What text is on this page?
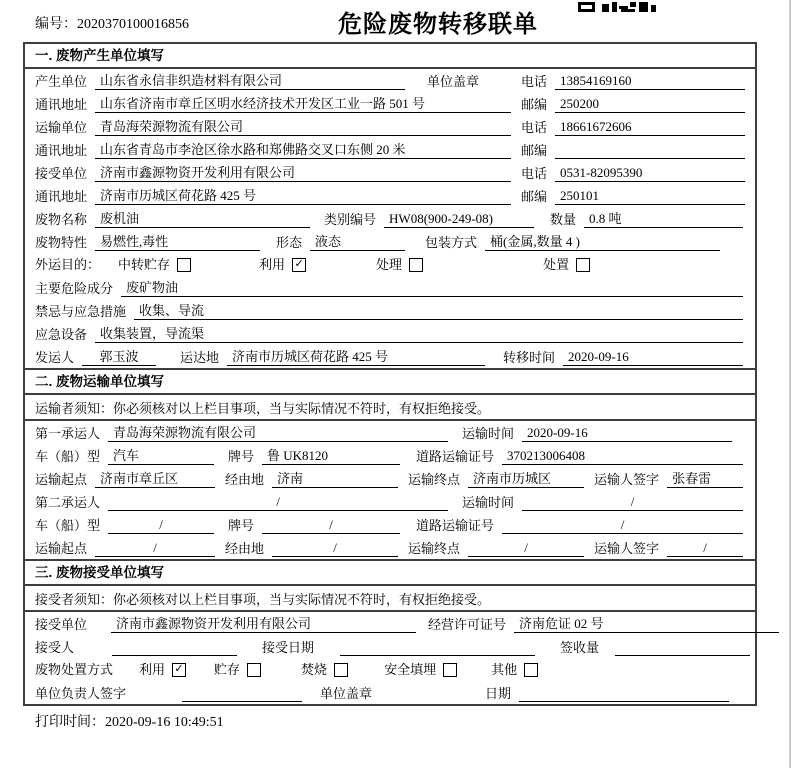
编号：2020370100016856	危险废物转移联单
一. 废物产生单位填写
产生单位	山东省永信非织造材料有限公司	单位盖章	电话	13854169160
通讯地址	山东省济南市章丘区明水经济技术开发区工业一路 501 号	邮编	250200
运输单位	青岛海荣源物流有限公司	电话	18661672606
通讯地址	山东省青岛市李沧区徐水路和郑佛路交叉口东侧 20 米	邮编
接受单位	济南市鑫源物资开发利用有限公司	电话	0531-82095390
通讯地址	济南市历城区荷花路 425 号	邮编	250101
废物名称	废机油	类别编号	HW08(900-249-08)	数量	0.8 吨
废物特性	易燃性,毒性	形态	液态	包装方式	桶(金属,数量 4 )
外运目的： 中转贮存	利用 ✓	处理	处置
主要危险成分	废矿物油
禁忌与应急措施	收集、导流
应急设备	收集装置，导流渠
发运人	郭玉波	运达地	济南市历城区荷花路 425 号	转移时间	2020-09-16
二. 废物运输单位填写
运输者须知：你必须核对以上栏目事项，当与实际情况不符时，有权拒绝接受。
第一承运人	青岛海荣源物流有限公司	运输时间	2020-09-16
车（船）型	汽车	牌号	鲁 UK8120	道路运输证号	370213006408
运输起点	济南市章丘区	经由地	济南	运输终点	济南市历城区	运输人签字	张春雷
第二承运人	/	运输时间	/
车（船）型	/	牌号	/	道路运输证号	/
运输起点	/	经由地	/	运输终点	/	运输人签字	/
三. 废物接受单位填写
接受者须知：你必须核对以上栏目事项，当与实际情况不符时，有权拒绝接受。
接受单位	济南市鑫源物资开发利用有限公司	经营许可证号	济南危证 02 号
接受人	接受日期	签收量
废物处置方式 利用 ✓ 贮存	焚烧	安全填埋	其他
单位负责人签字	单位盖章	日期
打印时间：2020-09-16 10:49:51
